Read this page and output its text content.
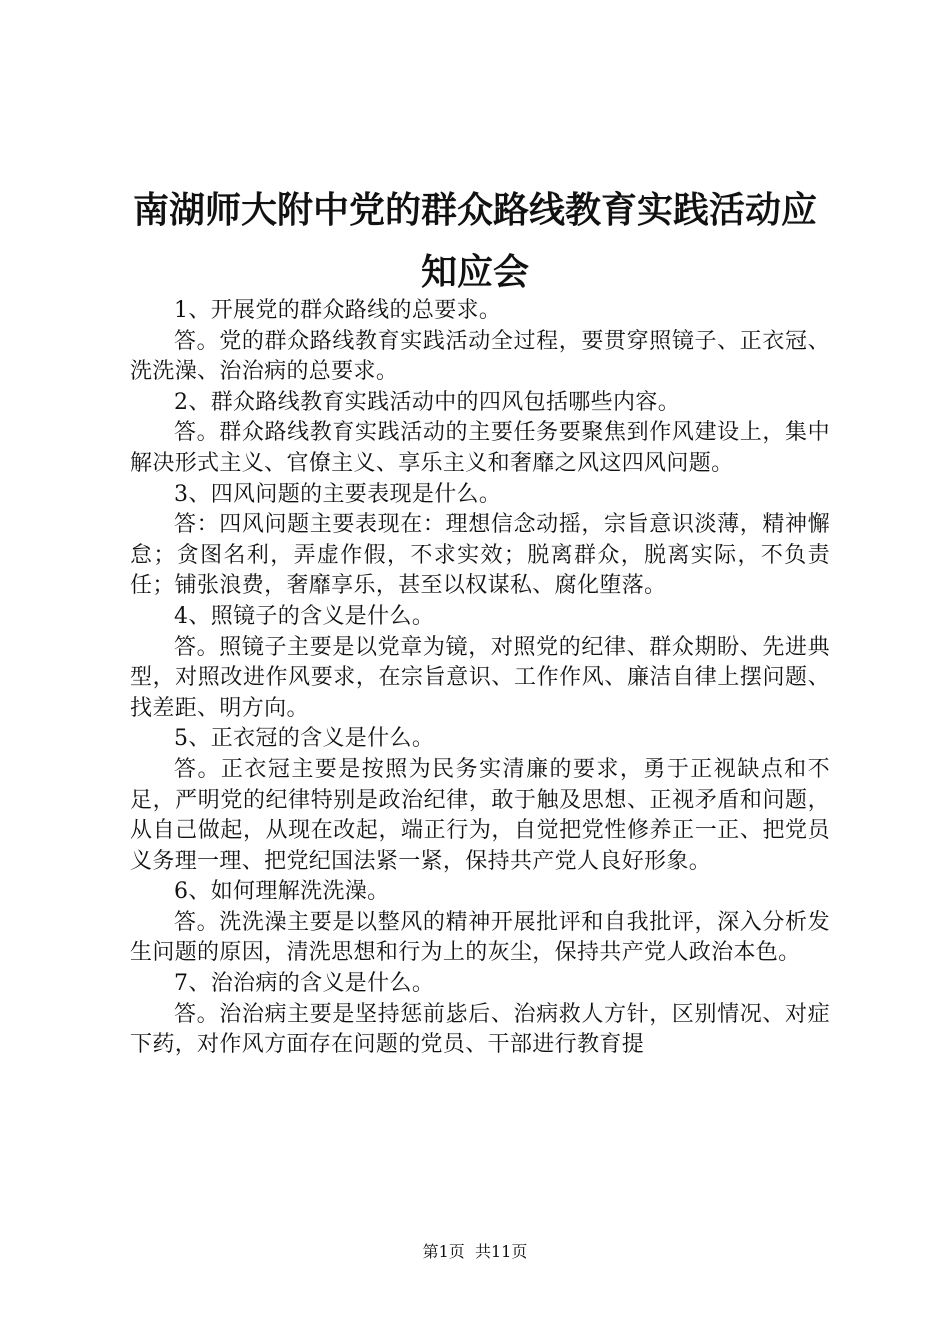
南湖师大附中党的群众路线教育实践活动应知应会

1、开展党的群众路线的总要求。

答。党的群众路线教育实践活动全过程，要贯穿照镜子、正衣冠、洗洗澡、治治病的总要求。

2、群众路线教育实践活动中的四风包括哪些内容。

答。群众路线教育实践活动的主要任务要聚焦到作风建设上，集中解决形式主义、官僚主义、享乐主义和奢靡之风这四风问题。

3、四风问题的主要表现是什么。

答：四风问题主要表现在：理想信念动摇，宗旨意识淡薄，精神懈怠；贪图名利，弄虚作假，不求实效；脱离群众，脱离实际，不负责任；铺张浪费，奢靡享乐，甚至以权谋私、腐化堕落。

4、照镜子的含义是什么。

答。照镜子主要是以党章为镜，对照党的纪律、群众期盼、先进典型，对照改进作风要求，在宗旨意识、工作作风、廉洁自律上摆问题、找差距、明方向。

5、正衣冠的含义是什么。

答。正衣冠主要是按照为民务实清廉的要求，勇于正视缺点和不足，严明党的纪律特别是政治纪律，敢于触及思想、正视矛盾和问题，从自己做起，从现在改起，端正行为，自觉把党性修养正一正、把党员义务理一理、把党纪国法紧一紧，保持共产党人良好形象。

6、如何理解洗洗澡。

答。洗洗澡主要是以整风的精神开展批评和自我批评，深入分析发生问题的原因，清洗思想和行为上的灰尘，保持共产党人政治本色。

7、治治病的含义是什么。

答。治治病主要是坚持惩前毖后、治病救人方针，区别情况、对症下药，对作风方面存在问题的党员、干部进行教育提

第1页 共11页
